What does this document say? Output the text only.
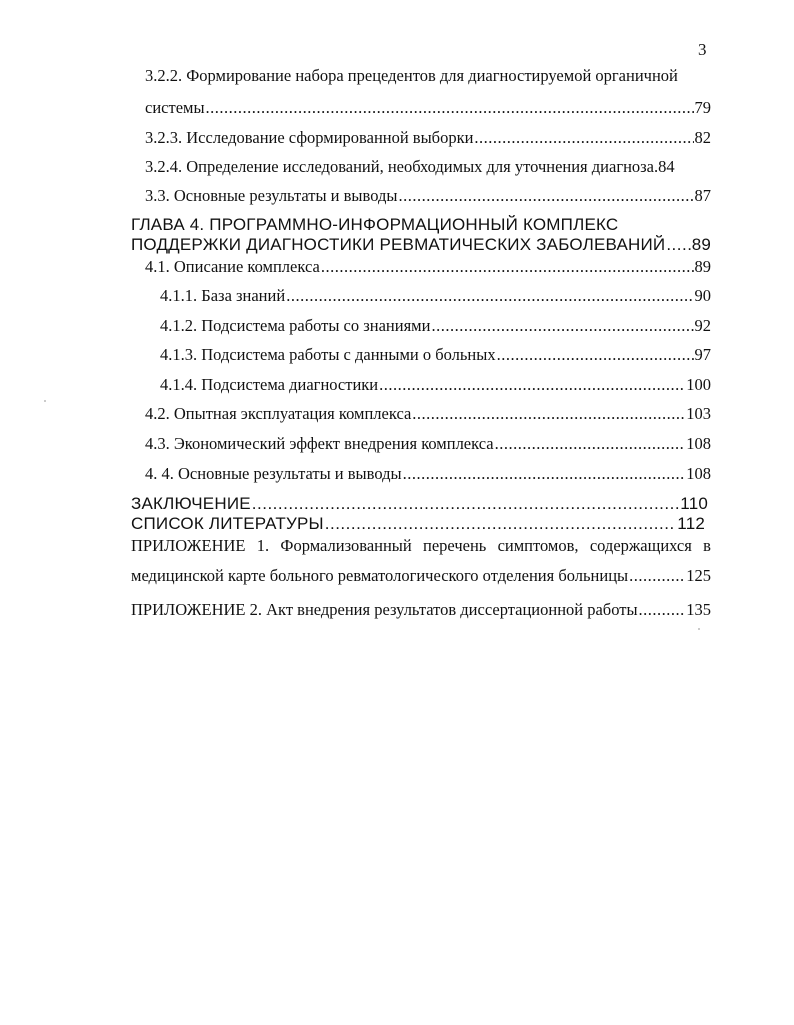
3
3.2.2. Формирование набора прецедентов для диагностируемой органичной
системы .....	79
3.2.3. Исследование сформированной выборки .....	82
3.2.4. Определение исследований, необходимых для уточнения диагноза. 84
3.3. Основные результаты и выводы .....	87
ГЛАВА 4. ПРОГРАММНО-ИНФОРМАЦИОННЫЙ КОМПЛЕКС
ПОДДЕРЖКИ ДИАГНОСТИКИ РЕВМАТИЧЕСКИХ ЗАБОЛЕВАНИЙ ..... 89
4.1. Описание комплекса .....	89
4.1.1. База знаний .....	90
4.1.2. Подсистема работы со знаниями .....	92
4.1.3. Подсистема работы с данными о больных .....	97
4.1.4. Подсистема диагностики .....	100
4.2. Опытная эксплуатация комплекса .....	103
4.3. Экономический эффект внедрения комплекса .....	108
4. 4. Основные результаты и выводы .....	108
ЗАКЛЮЧЕНИЕ .....	110
СПИСОК ЛИТЕРАТУРЫ .....	112
ПРИЛОЖЕНИЕ 1. Формализованный перечень симптомов, содержащихся в
медицинской карте больного ревматологического отделения больницы .....	125
ПРИЛОЖЕНИЕ 2. Акт внедрения результатов диссертационной работы .....	135
